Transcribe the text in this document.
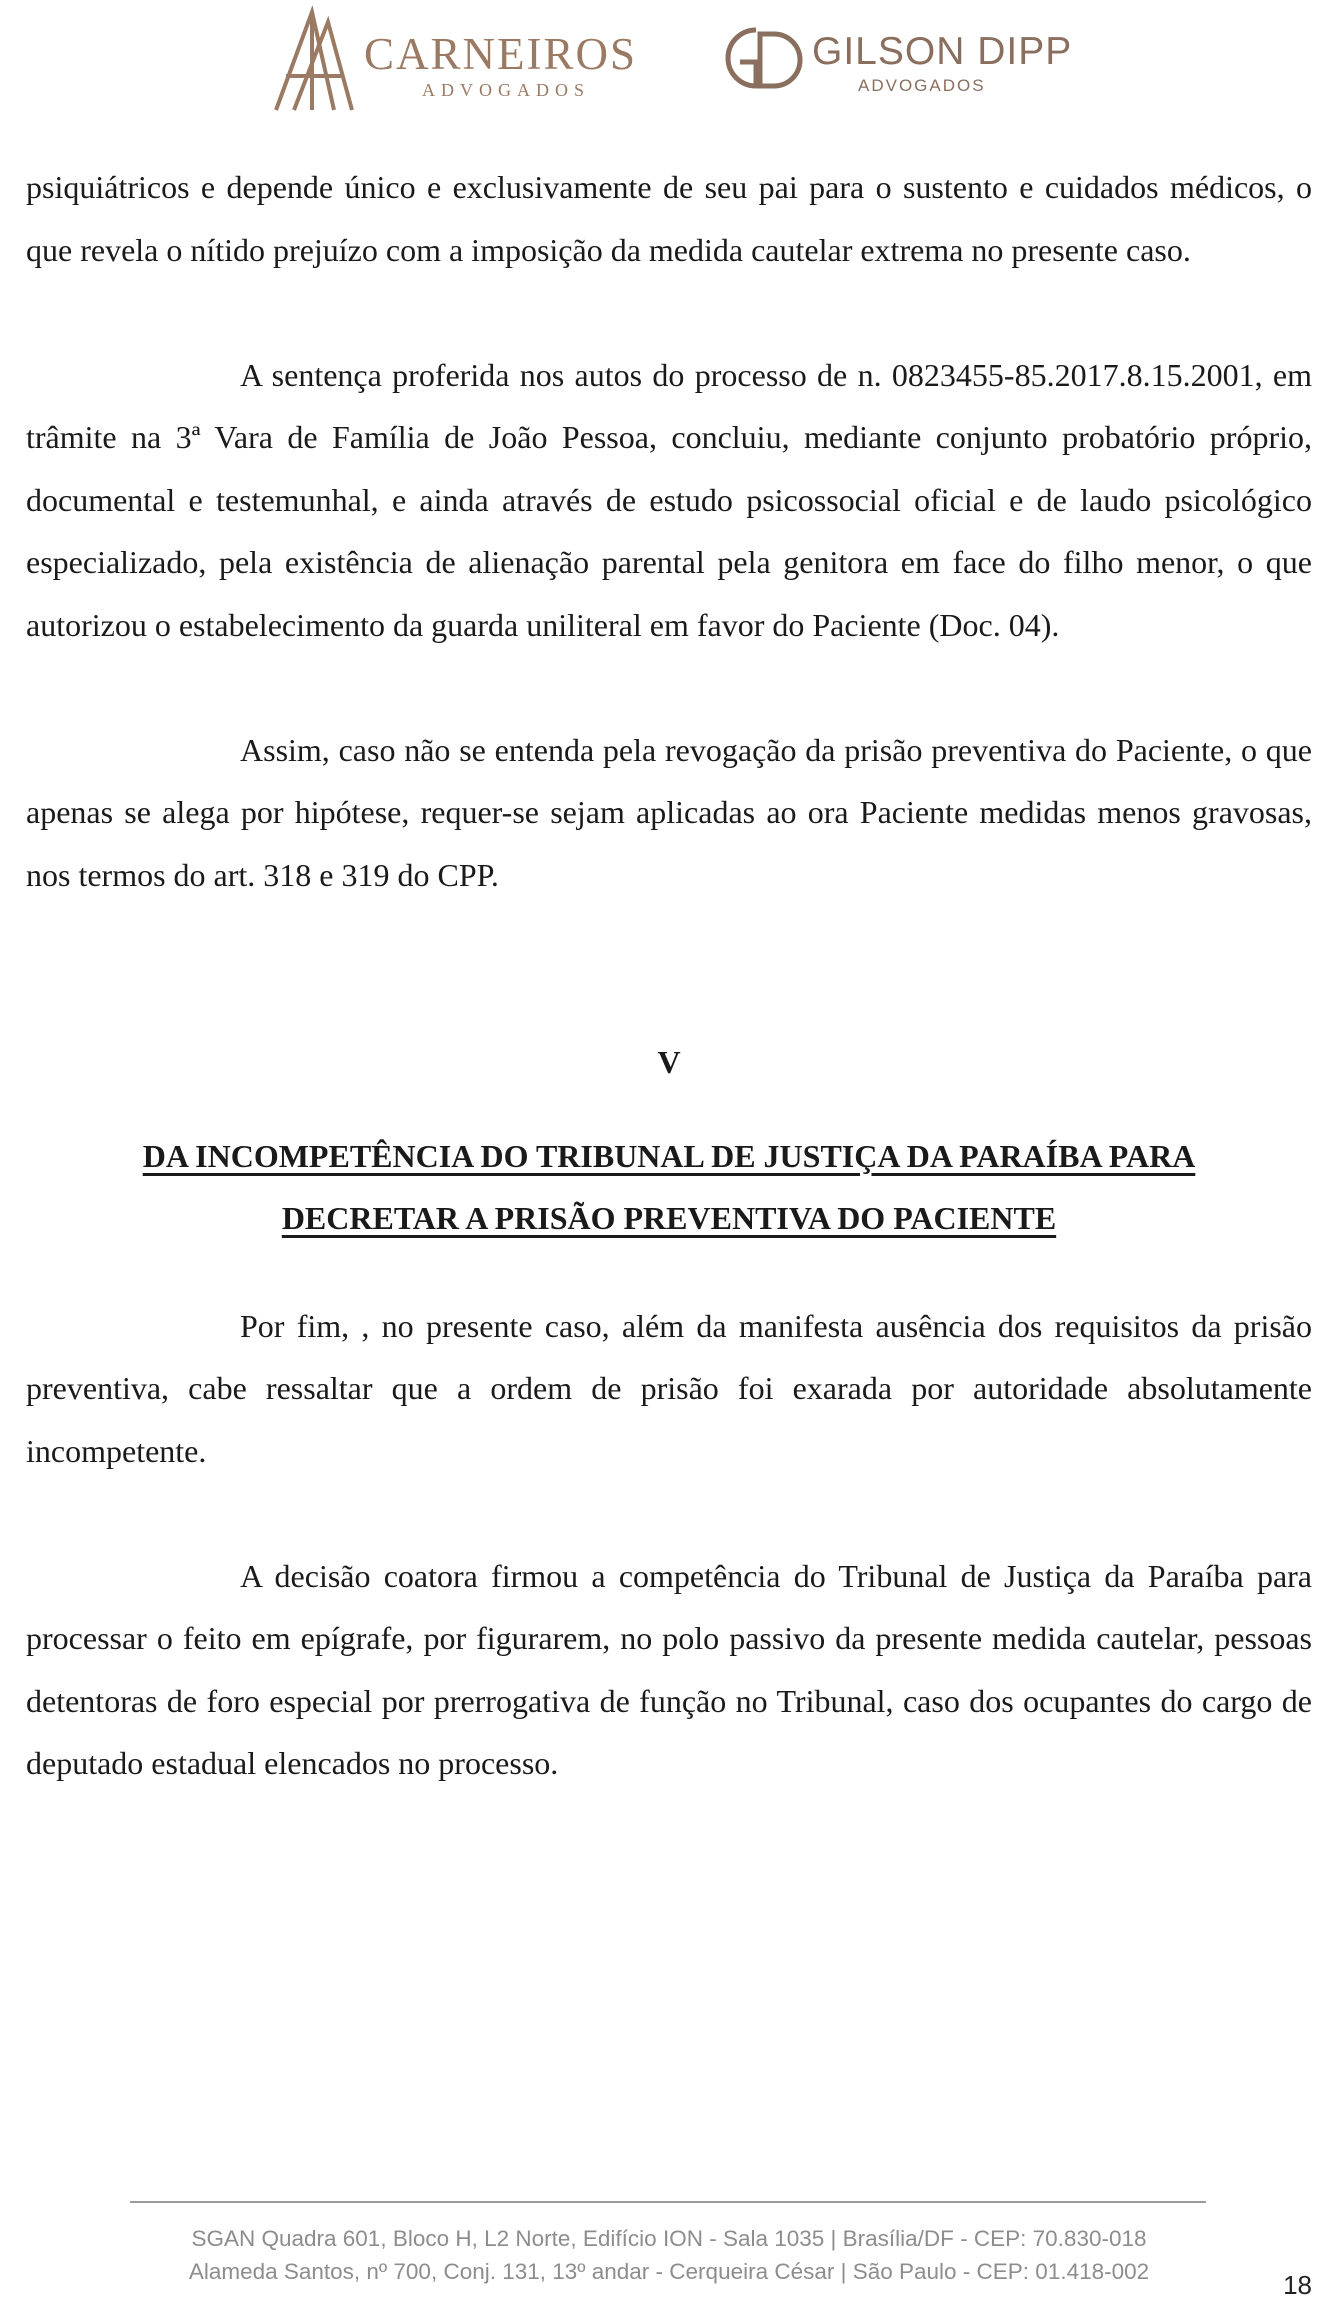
CARNEIROS
ADVOGADOS
GILSON DIPP
ADVOGADOS

psiquiátricos e depende único e exclusivamente de seu pai para o sustento e cuidados médicos, o que revela o nítido prejuízo com a imposição da medida cautelar extrema no presente caso.

A sentença proferida nos autos do processo de n. 0823455-85.2017.8.15.2001, em trâmite na 3ª Vara de Família de João Pessoa, concluiu, mediante conjunto probatório próprio, documental e testemunhal, e ainda através de estudo psicossocial oficial e de laudo psicológico especializado, pela existência de alienação parental pela genitora em face do filho menor, o que autorizou o estabelecimento da guarda uniliteral em favor do Paciente (Doc. 04).

Assim, caso não se entenda pela revogação da prisão preventiva do Paciente, o que apenas se alega por hipótese, requer-se sejam aplicadas ao ora Paciente medidas menos gravosas, nos termos do art. 318 e 319 do CPP.

V

DA INCOMPETÊNCIA DO TRIBUNAL DE JUSTIÇA DA PARAÍBA PARA

DECRETAR A PRISÃO PREVENTIVA DO PACIENTE

Por fim, , no presente caso, além da manifesta ausência dos requisitos da prisão preventiva, cabe ressaltar que a ordem de prisão foi exarada por autoridade absolutamente incompetente.

A decisão coatora firmou a competência do Tribunal de Justiça da Paraíba para processar o feito em epígrafe, por figurarem, no polo passivo da presente medida cautelar, pessoas detentoras de foro especial por prerrogativa de função no Tribunal, caso dos ocupantes do cargo de deputado estadual elencados no processo.

SGAN Quadra 601, Bloco H, L2 Norte, Edifício ION - Sala 1035 | Brasília/DF - CEP: 70.830-018
Alameda Santos, nº 700, Conj. 131, 13º andar - Cerqueira César | São Paulo - CEP: 01.418-002	18
